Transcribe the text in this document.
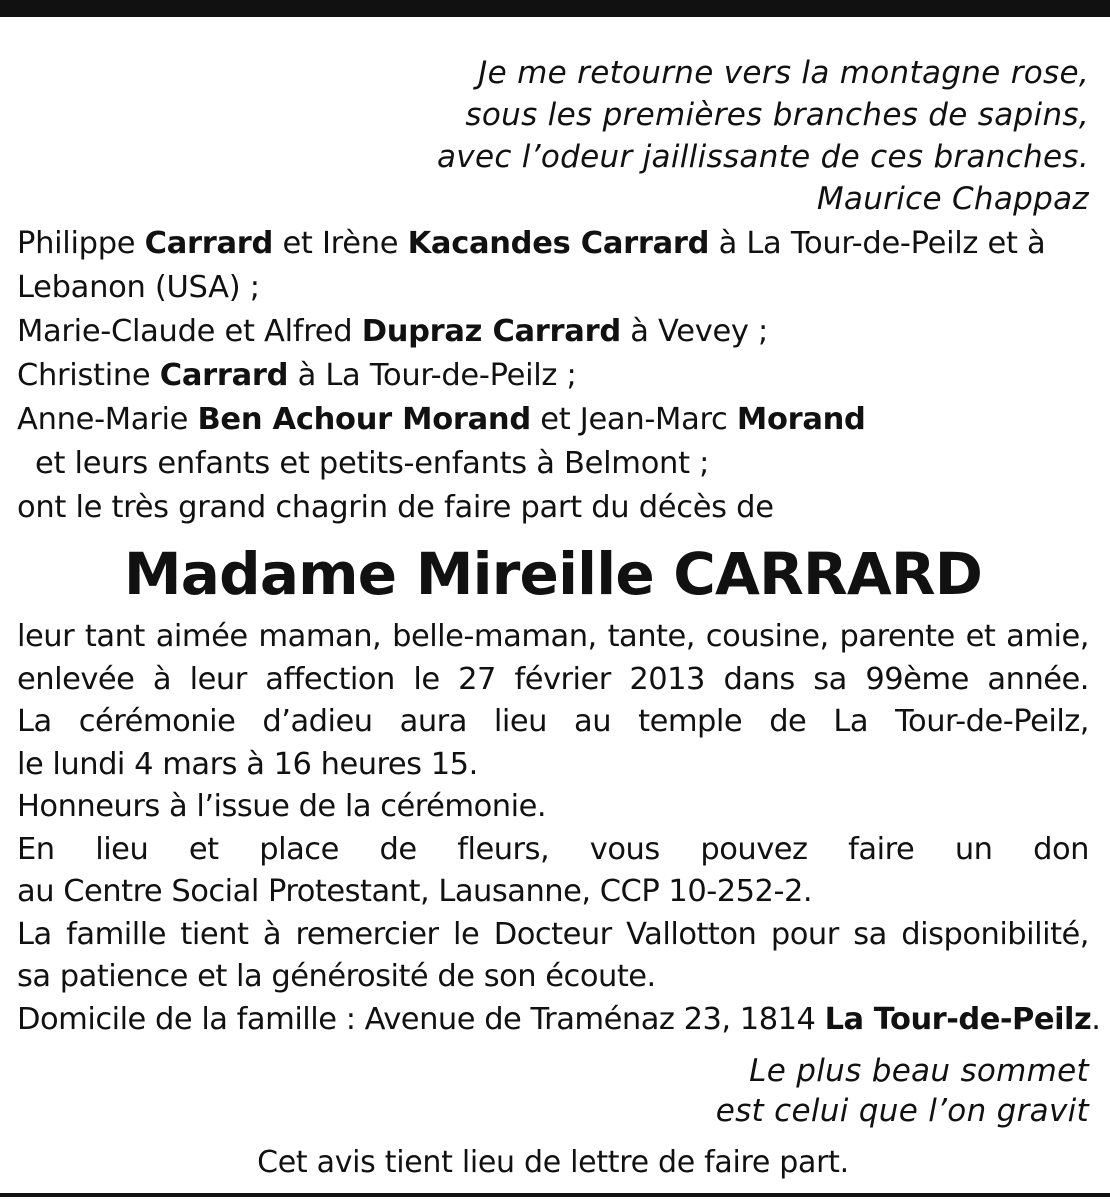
Je me retourne vers la montagne rose,
sous les premières branches de sapins,
avec l’odeur jaillissante de ces branches.
Maurice Chappaz
Philippe Carrard et Irène Kacandes Carrard à La Tour-de-Peilz et à
Lebanon (USA) ;
Marie-Claude et Alfred Dupraz Carrard à Vevey ;
Christine Carrard à La Tour-de-Peilz ;
Anne-Marie Ben Achour Morand et Jean-Marc Morand
et leurs enfants et petits-enfants à Belmont ;
ont le très grand chagrin de faire part du décès de
Madame Mireille CARRARD
leur tant aimée maman, belle-maman, tante, cousine, parente et amie,
enlevée à leur affection le 27 février 2013 dans sa 99ème année.
La cérémonie d’adieu aura lieu au temple de La Tour-de-Peilz,
le lundi 4 mars à 16 heures 15.
Honneurs à l’issue de la cérémonie.
En lieu et place de fleurs, vous pouvez faire un don
au Centre Social Protestant, Lausanne, CCP 10-252-2.
La famille tient à remercier le Docteur Vallotton pour sa disponibilité,
sa patience et la générosité de son écoute.
Domicile de la famille : Avenue de Traménaz 23, 1814 La Tour-de-Peilz.
Le plus beau sommet
est celui que l’on gravit
Cet avis tient lieu de lettre de faire part.
